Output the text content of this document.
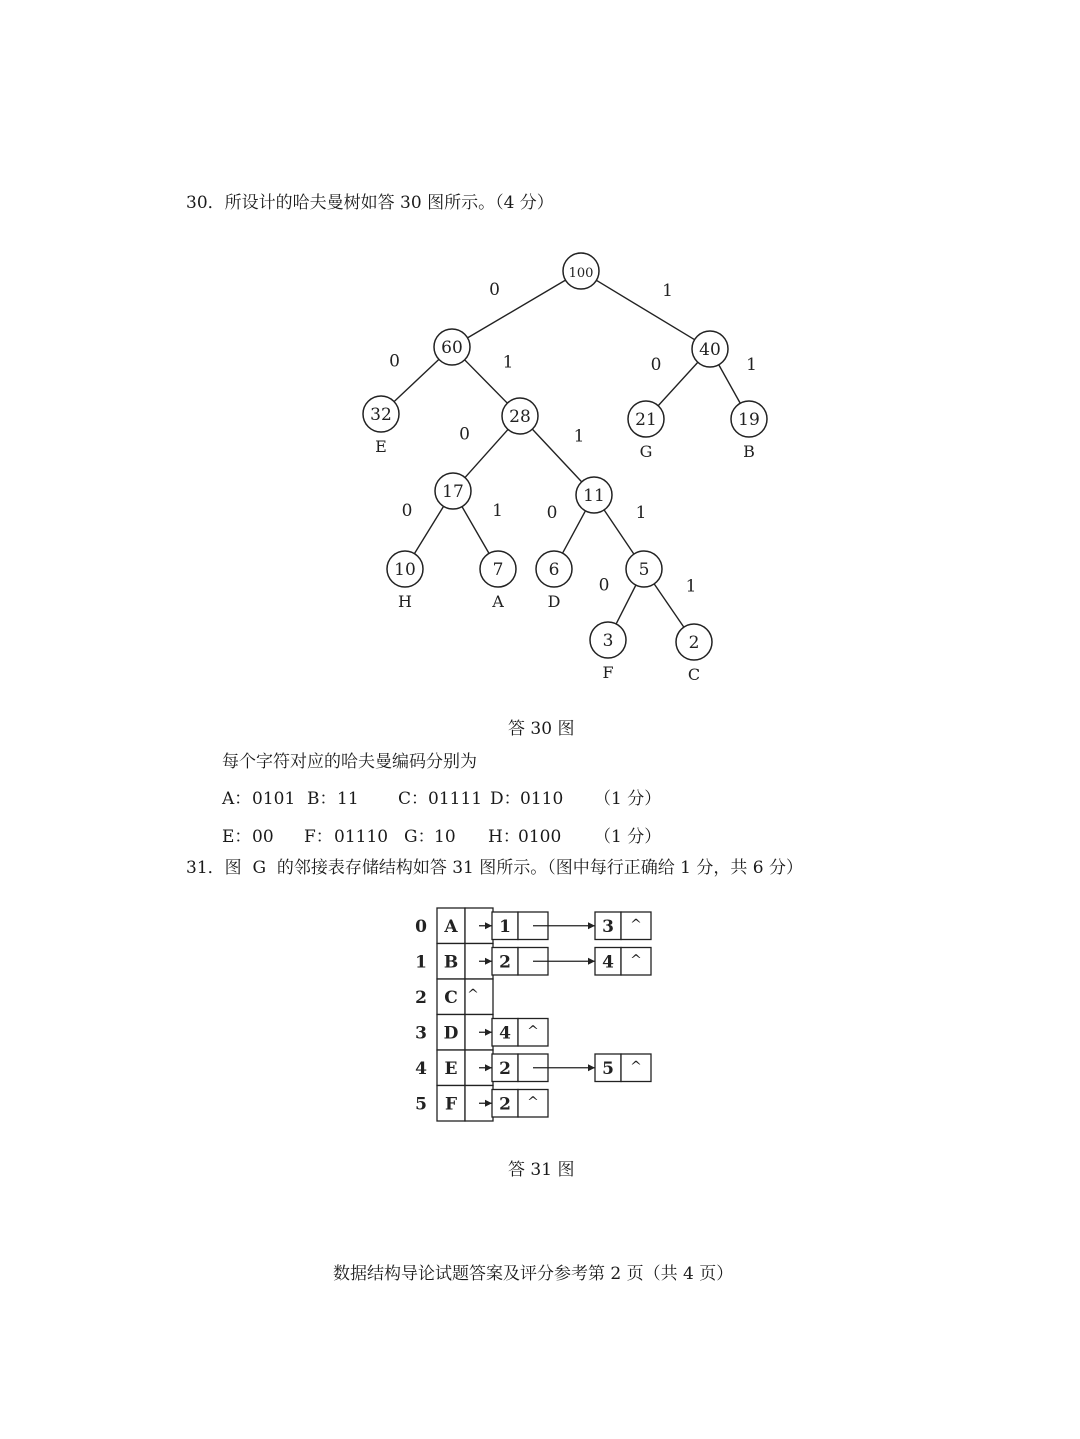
30．所设计的哈夫曼树如答 30 图所示。（4 分）
0	1
0	1	0	1
0	1
0	1	0	1
0	1
100
60	40
32
E
28	21
G
19
B
17	11
10
H
7
A
6
D
5
3
F
2
C
答 30 图
每个字符对应的哈夫曼编码分别为
A： 0101 B： 11 C： 01111 D： 0110 （1 分）
E： 00 F： 01110 G： 10 H：
0100 （1 分）
31．图  G  的邻接表存储结构如答 31 图所示。（图中每行正确给 1 分，共 6 分）
0 A 1	3 ^
1 B 2	4 ^
2 C ^
3 D 4 ^
4 E 2	5 ^
5 F 2 ^
答 31 图
数据结构导论试题答案及评分参考第 2 页（共 4 页）
